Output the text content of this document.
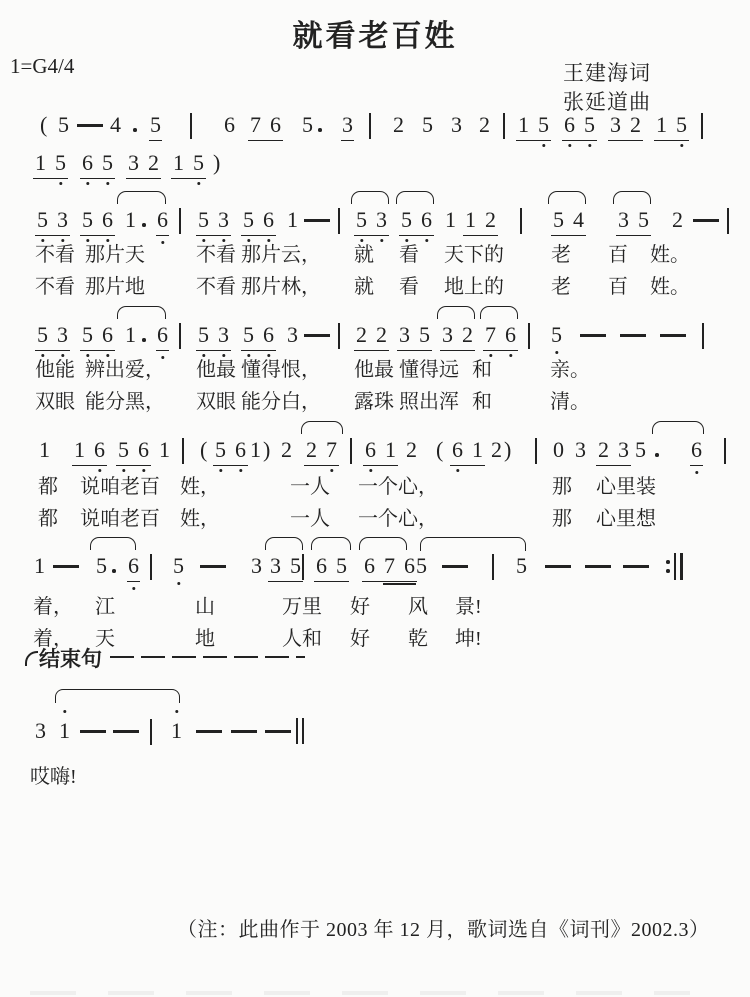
就看老百姓
1=G4/4	王建海词
张延道曲
( 5 4 5	6 7 6 5 3 2 5 3 2 1 5 6 5 3 2 1 5
1 5 6 5 3 2 1 5 )
5 3 5 6 1 6 5 3 5 6 1	5 3 5 6 1 1 2	5 4 3 5 2
不看 那片天	不看 那片云， 就 看 天下的 老 百 姓。
不看 那片地	不看 那片林， 就 看 地上的 老 百 姓。
5 3 5 6 1 6 5 3 5 6 3	2 2 3 5 3 2 7 6 5
他能 辨出爱， 他最 懂得恨， 他最 懂得远 和	亲。
双眼 能分黑， 双眼 能分白， 露珠 照出浑 和	清。
1 1 6 5 6 1 ( 5 6 1 ) 2 2 7 6 1 2 ( 6 1 2 ) 0 3 2 3 5 6
都 说咱老百 姓，	一人 一个心，	那 心里装
都 说咱老百 姓，	一人 一个心，	那 心里想
1 5 6 5	3 3 5 6 5 6 7 6 5	5
着， 江	山	万里 好 风 景!
着， 天	地	人和 好 乾 坤!
3 1	1
哎嗨!
结束句
（注：此曲作于 2003 年 12 月，歌词选自《词刊》2002.3）
